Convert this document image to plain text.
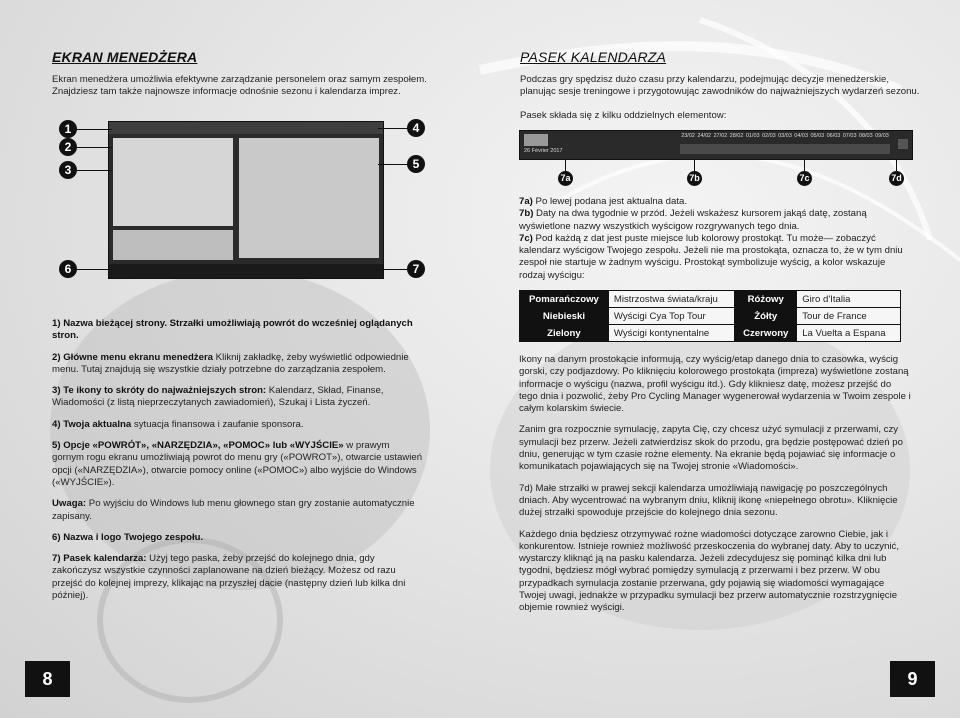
EKRAN MENEDŻERA

Ekran menedżera umożliwia efektywne zarządzanie personelem oraz samym zespołem. Znajdziesz tam także najnowsze informacje odnośnie sezonu i kalendarza imprez.

1
2
3
4
5
6	7

1) Nazwa bieżącej strony. Strzałki umożliwiają powrót do wcześniej oglądanych stron.

2) Główne menu ekranu menedżera Kliknij zakładkę, żeby wyświetlić odpowiednie menu. Tutaj znajdują się wszystkie działy potrzebne do zarządzania zespołem.

3) Te ikony to skróty do najważniejszych stron: Kalendarz, Skład, Finanse, Wiadomości (z listą nieprzeczytanych zawiadomień), Szukaj i Lista życzeń.

4) Twoja aktualna sytuacja finansowa i zaufanie sponsora.

5) Opcje «POWRÓT», «NARZĘDZIA», «POMOC» lub «WYJŚCIE» w prawym gornym rogu ekranu umożliwiają powrot do menu gry («POWROT»), otwarcie ustawień opcji («NARZĘDZIA»), otwarcie pomocy online («POMOC») albo wyjście do Windows («WYJŚCIE»).

Uwaga: Po wyjściu do Windows lub menu głownego stan gry zostanie automatycznie zapisany.

6) Nazwa i logo Twojego zespołu.

7) Pasek kalendarza: Użyj tego paska, żeby przejść do kolejnego dnia, gdy zakończysz wszystkie czynności zaplanowane na dzień bieżący. Możesz od razu przejść do kolejnej imprezy, klikając na przyszłej dacie (następny dzień lub kilka dni później).

8
PASEK KALENDARZA

Podczas gry spędzisz dużo czasu przy kalendarzu, podejmując decyzje menedżerskie, planując sesje treningowe i przygotowując zawodników do najważniejszych wydarzeń sezonu.

Pasek składa się z kilku oddzielnych elementow:

26 Février 2017
23/02 24/02 27/02 28/02 01/03 02/03 03/03 04/03 05/03 06/03 07/03 08/03 09/03
7a	7b	7c	7d

7a) Po lewej podana jest aktualna data.

7b) Daty na dwa tygodnie w przód. Jeżeli wskażesz kursorem jakąś datę, zostaną wyświetlone nazwy wszystkich wyścigow rozgrywanych tego dnia.

7c) Pod każdą z dat jest puste miejsce lub kolorowy prostokąt. Tu może― zobaczyć kalendarz wyścigow Twojego zespołu. Jeżeli nie ma prostokąta, oznacza to, że w tym dniu zespoł nie startuje w żadnym wyścigu. Prostokąt symbolizuje wyścig, a kolor wskazuje rodzaj wyścigu:

Pomarańczowy	Mistrzostwa świata/kraju	Różowy	Giro d'Italia
Niebieski	Wyścigi Cya Top Tour	Żółty	Tour de France
Zielony	Wyścigi kontynentalne	Czerwony	La Vuelta a Espana

Ikony na danym prostokącie informują, czy wyścig/etap danego dnia to czasowka, wyścig gorski, czy podjazdowy. Po kliknięciu kolorowego prostokąta (impreza) wyświetlone zostaną informacje o wyścigu (nazwa, profil wyścigu itd.). Gdy klikniesz datę, możesz przejść do tego dnia i pozwolić, żeby Pro Cycling Manager wygenerował wydarzenia w Twoim zespole i całym kolarskim świecie.

Zanim gra rozpocznie symulację, zapyta Cię, czy chcesz użyć symulacji z przerwami, czy symulacji bez przerw. Jeżeli zatwierdzisz skok do przodu, gra będzie postępować dzień po dniu, generując w tym czasie rożne elementy. Na ekranie będą pojawiać się informacje o komunikatach pojawiających się na Twojej stronie «Wiadomości».

7d) Małe strzałki w prawej sekcji kalendarza umożliwiają nawigację po poszczególnych dniach. Aby wycentrować na wybranym dniu, kliknij ikonę «niepełnego obrotu». Kliknięcie dużej strzałki spowoduje przejście do kolejnego dnia sezonu.

Każdego dnia będziesz otrzymywać rożne wiadomości dotyczące zarowno Ciebie, jak i konkurentow. Istnieje rownież możliwość przeskoczenia do wybranej daty. Aby to uczynić, wystarczy kliknąć ją na pasku kalendarza. Jeżeli zdecydujesz się pominąć kilka dni lub tygodni, będziesz mógł wybrać pomiędzy symulacją z przerwami i bez przerw. W obu przypadkach symulacja zostanie przerwana, gdy pojawią się wiadomości wymagające Twojej uwagi, jednakże w przypadku symulacji bez przerw automatycznie rozstrzygnięcie objemie rownież wyścigi.

9
